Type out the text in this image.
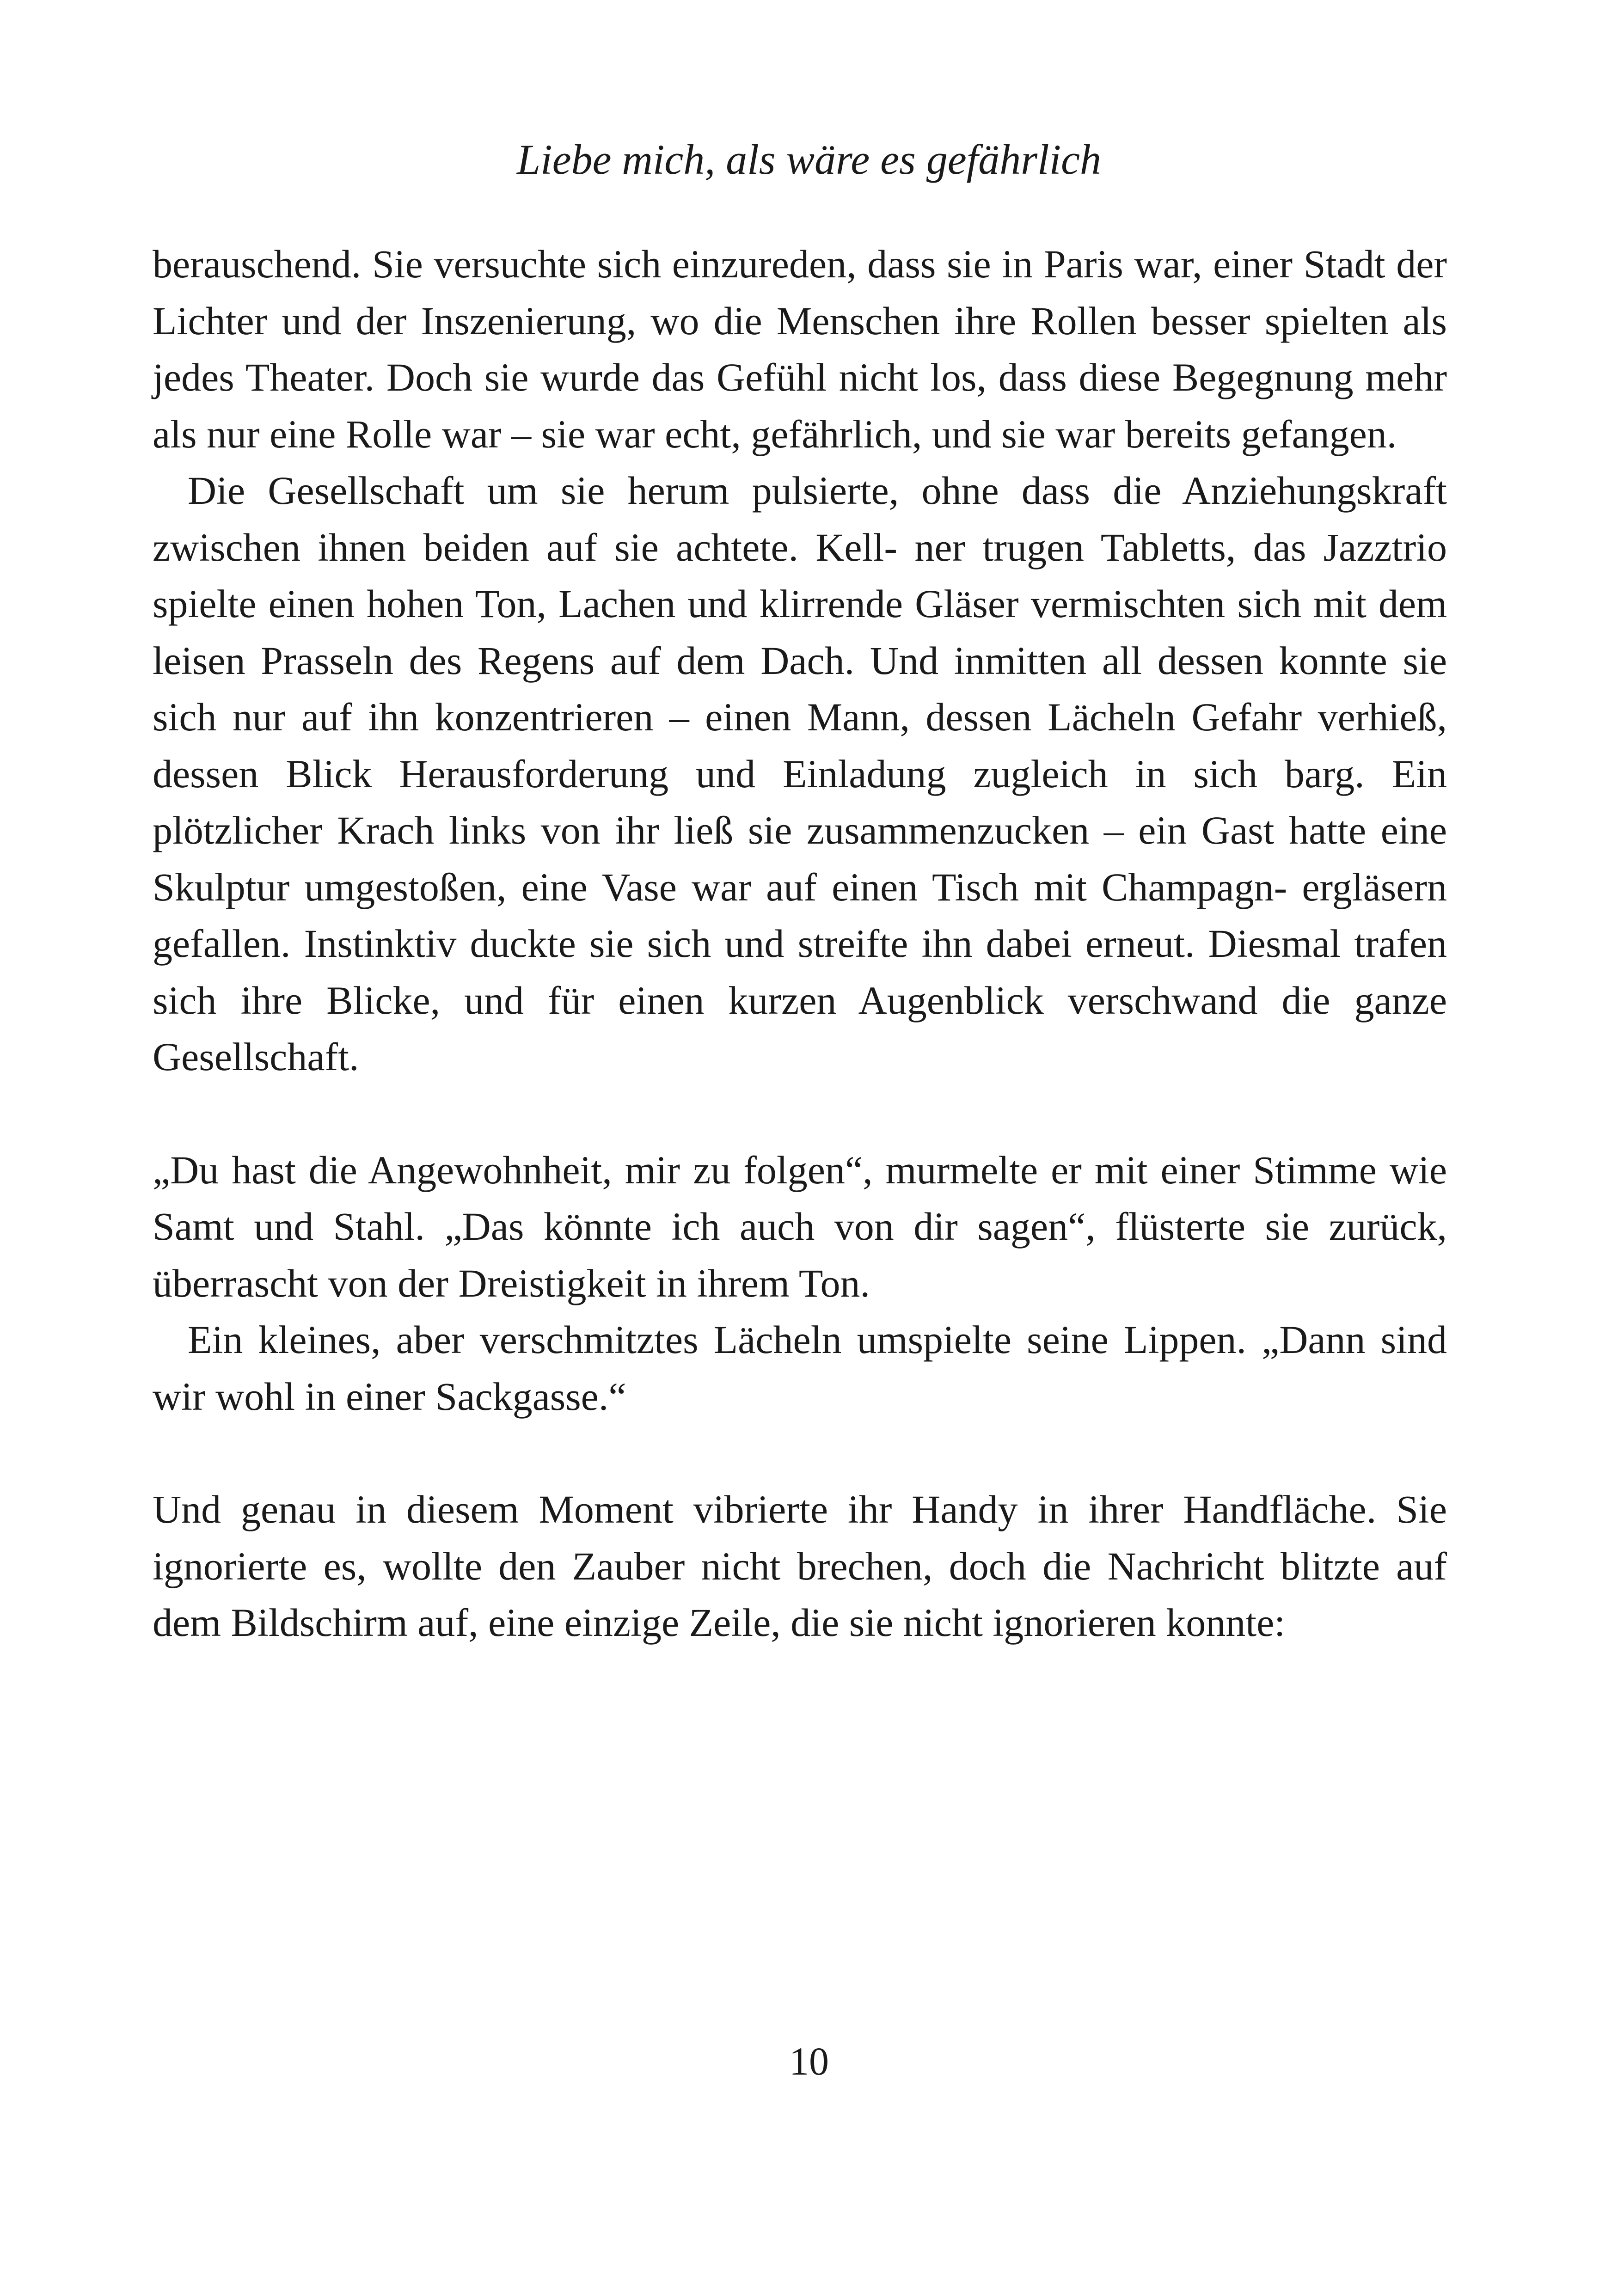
Liebe mich, als wäre es gefährlich

berauschend. Sie versuchte sich einzureden, dass sie in Paris war, einer Stadt der Lichter und der Inszenierung, wo die Menschen ihre Rollen besser spielten als jedes Theater. Doch sie wurde das Gefühl nicht los, dass diese Begegnung mehr als nur eine Rolle war – sie war echt, gefährlich, und sie war bereits gefangen.

Die Gesellschaft um sie herum pulsierte, ohne dass die Anziehungskraft zwischen ihnen beiden auf sie achtete. Kell- ner trugen Tabletts, das Jazztrio spielte einen hohen Ton, Lachen und klirrende Gläser vermischten sich mit dem leisen Prasseln des Regens auf dem Dach. Und inmitten all dessen konnte sie sich nur auf ihn konzentrieren – einen Mann, dessen Lächeln Gefahr verhieß, dessen Blick Herausforderung und Einladung zugleich in sich barg. Ein plötzlicher Krach links von ihr ließ sie zusammenzucken – ein Gast hatte eine Skulptur umgestoßen, eine Vase war auf einen Tisch mit Champagn- ergläsern gefallen. Instinktiv duckte sie sich und streifte ihn dabei erneut. Diesmal trafen sich ihre Blicke, und für einen kurzen Augenblick verschwand die ganze Gesellschaft.

„Du hast die Angewohnheit, mir zu folgen“, murmelte er mit einer Stimme wie Samt und Stahl. „Das könnte ich auch von dir sagen“, flüsterte sie zurück, überrascht von der Dreistigkeit in ihrem Ton.

Ein kleines, aber verschmitztes Lächeln umspielte seine Lippen. „Dann sind wir wohl in einer Sackgasse.“

Und genau in diesem Moment vibrierte ihr Handy in ihrer Handfläche. Sie ignorierte es, wollte den Zauber nicht brechen, doch die Nachricht blitzte auf dem Bildschirm auf, eine einzige Zeile, die sie nicht ignorieren konnte:

10
